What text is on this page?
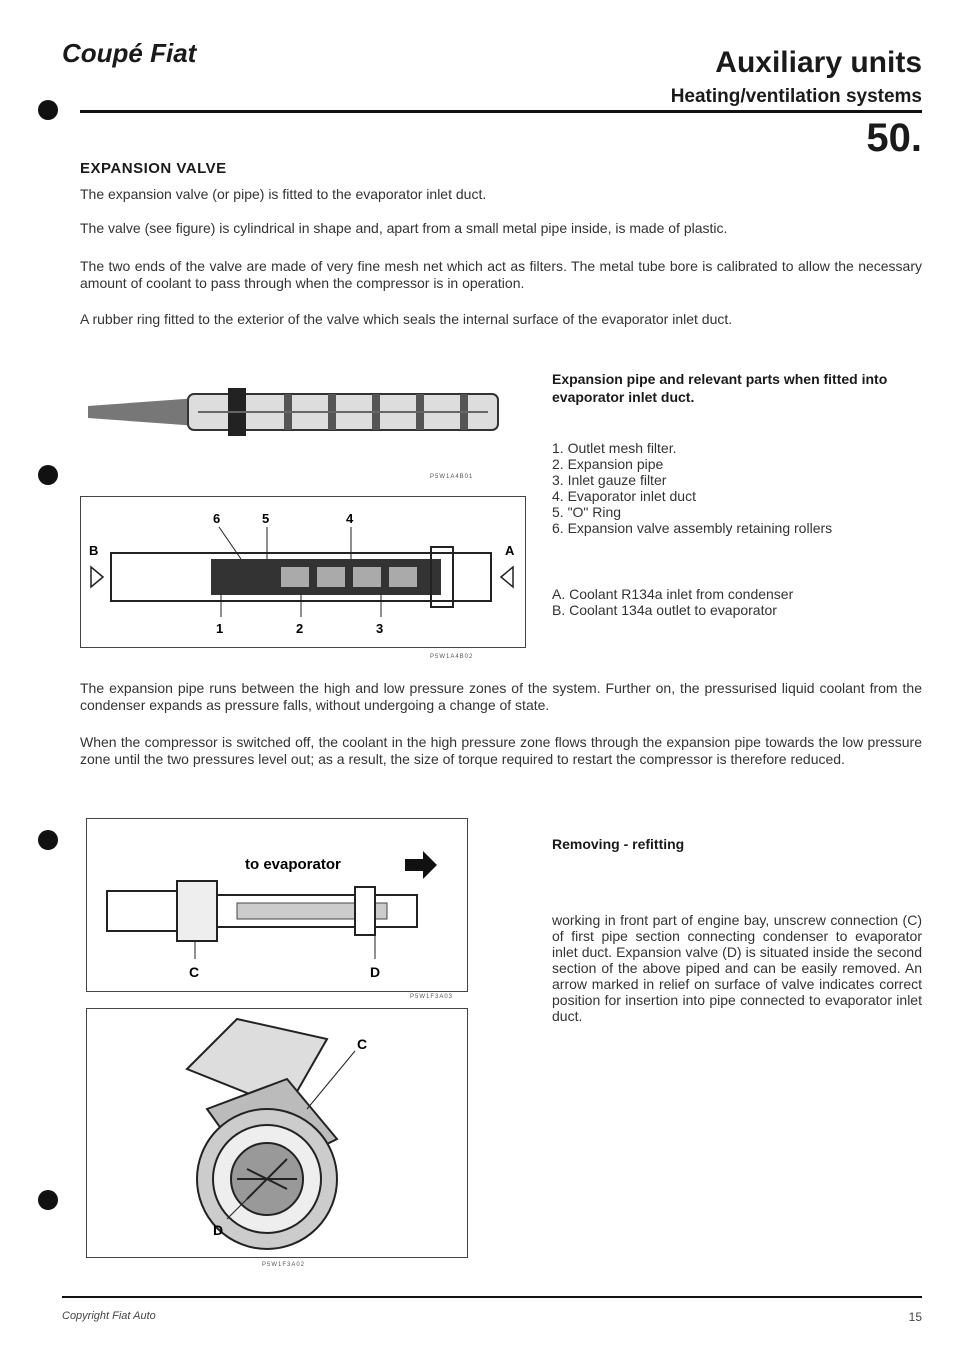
Coupé Fiat	Auxiliary units
Heating/ventilation systems
50.
EXPANSION VALVE
The expansion valve (or pipe) is fitted to the evaporator inlet duct.
The valve (see figure) is cylindrical in shape and, apart from a small metal pipe inside, is made of plastic.
The two ends of the valve are made of very fine mesh net which act as filters. The metal tube bore is calibrated to allow the necessary amount of coolant to pass through when the compressor is in operation.
A rubber ring fitted to the exterior of the valve which seals the internal surface of the evaporator inlet duct.
P5W1A4B01
6	5	4
1	2	3
B	A
P5W1A4B02
Expansion pipe and relevant parts when fitted into evaporator inlet duct.
1. Outlet mesh filter.
2. Expansion pipe
3. Inlet gauze filter
4. Evaporator inlet duct
5. "O" Ring
6. Expansion valve assembly retaining rollers
A. Coolant R134a inlet from condenser
B. Coolant 134a outlet to evaporator
The expansion pipe runs between the high and low pressure zones of the system. Further on, the pressurised liquid coolant from the condenser expands as pressure falls, without undergoing a change of state.
When the compressor is switched off, the coolant in the high pressure zone flows through the expansion pipe towards the low pressure zone until the two pressures level out; as a result, the size of torque required to restart the compressor is therefore reduced.
to evaporator
C	D
P5W1F3A03
C
D
P5W1F3A02
Removing - refitting
working in front part of engine bay, unscrew connection (C) of first pipe section connecting condenser to evaporator inlet duct. Expansion valve (D) is situated inside the second section of the above piped and can be easily removed. An arrow marked in relief on surface of valve indicates correct position for insertion into pipe connected to evaporator inlet duct.
Copyright Fiat Auto	15
